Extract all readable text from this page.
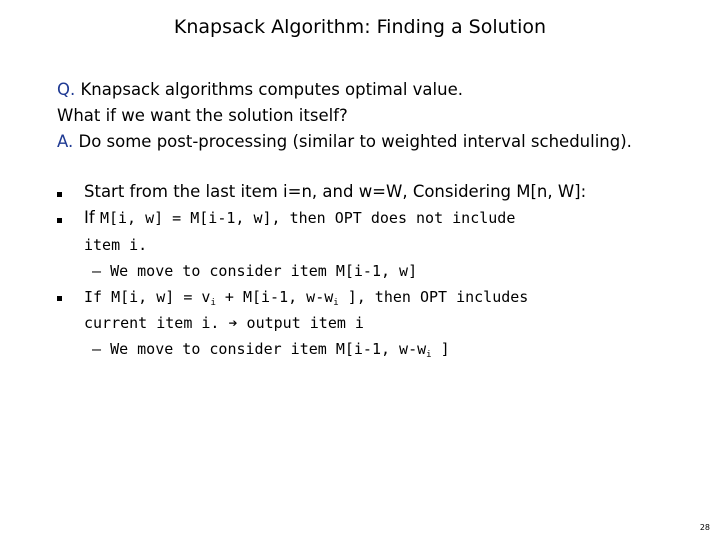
Knapsack Algorithm: Finding a Solution
Q. Knapsack algorithms computes optimal value.
What if we want the solution itself?
A. Do some post-processing (similar to weighted interval scheduling).
Start from the last item i=n, and w=W, Considering M[n, W]:
If M[i, w] = M[i-1, w], then OPT does not include
item i.
– We move to consider item M[i-1, w]
If M[i, $w] = v_i + M[i-1$, $w-w_i$ ], then OPT includes
current item i. ➔ output item i
– We move to consider item M[i-1, $w-w_i$ ]
28
